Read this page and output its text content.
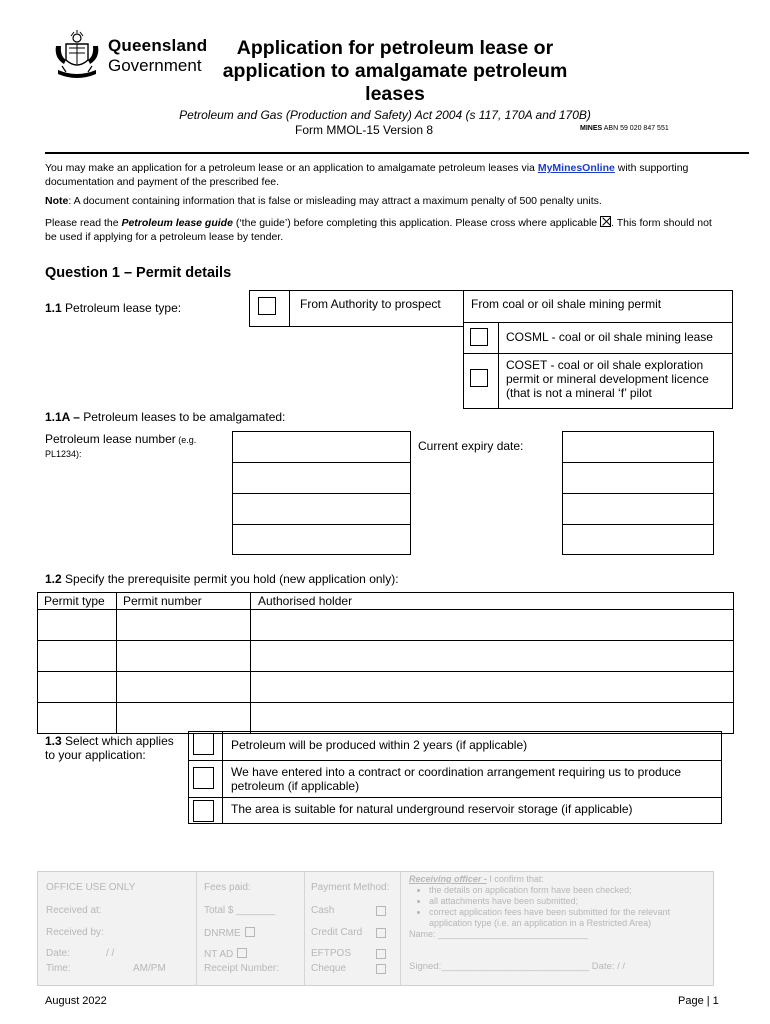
Queensland
Government
Application for petroleum lease or application to amalgamate petroleum leases
Petroleum and Gas (Production and Safety) Act 2004 (s 117, 170A and 170B)
Form MMOL-15 Version 8	MINES ABN 59 020 847 551
You may make an application for a petroleum lease or an application to amalgamate petroleum leases via MyMinesOnline with supporting documentation and payment of the prescribed fee.
Note: A document containing information that is false or misleading may attract a maximum penalty of 500 penalty units.
Please read the Petroleum lease guide (‘the guide’) before completing this application. Please cross where applicable . This form should not be used if applying for a petroleum lease by tender.
Question 1 – Permit details
1.1 Petroleum lease type:	From Authority to prospect	From coal or oil shale mining permit
COSML - coal or oil shale mining lease
COSET - coal or oil shale exploration permit or mineral development licence (that is not a mineral ‘f’ pilot
1.1A – Petroleum leases to be amalgamated:
Petroleum lease number (e.g. PL1234):
Current expiry date:
1.2 Specify the prerequisite permit you hold (new application only):
Permit type	Permit number	Authorised holder

1.3 Select which applies to your application:
Petroleum will be produced within 2 years (if applicable)
We have entered into a contract or coordination arrangement requiring us to produce petroleum (if applicable)
The area is suitable for natural underground reservoir storage (if applicable)
OFFICE USE ONLY
Received at:
Received by:
Date:	/ /
Time:	AM/PM
Fees paid:
Total $ _______
DNRME
NT AD
Receipt Number:
Payment Method:
Cash
Credit Card
EFTPOS
Cheque
Receiving officer - I confirm that:
• the details on application form have been checked;
• all attachments have been submitted;
• correct application fees have been submitted for the relevant application type (i.e. an application in a Restricted Area)
Name: ______________________________
Signed:____________________________ Date: / /
August 2022	Page | 1
